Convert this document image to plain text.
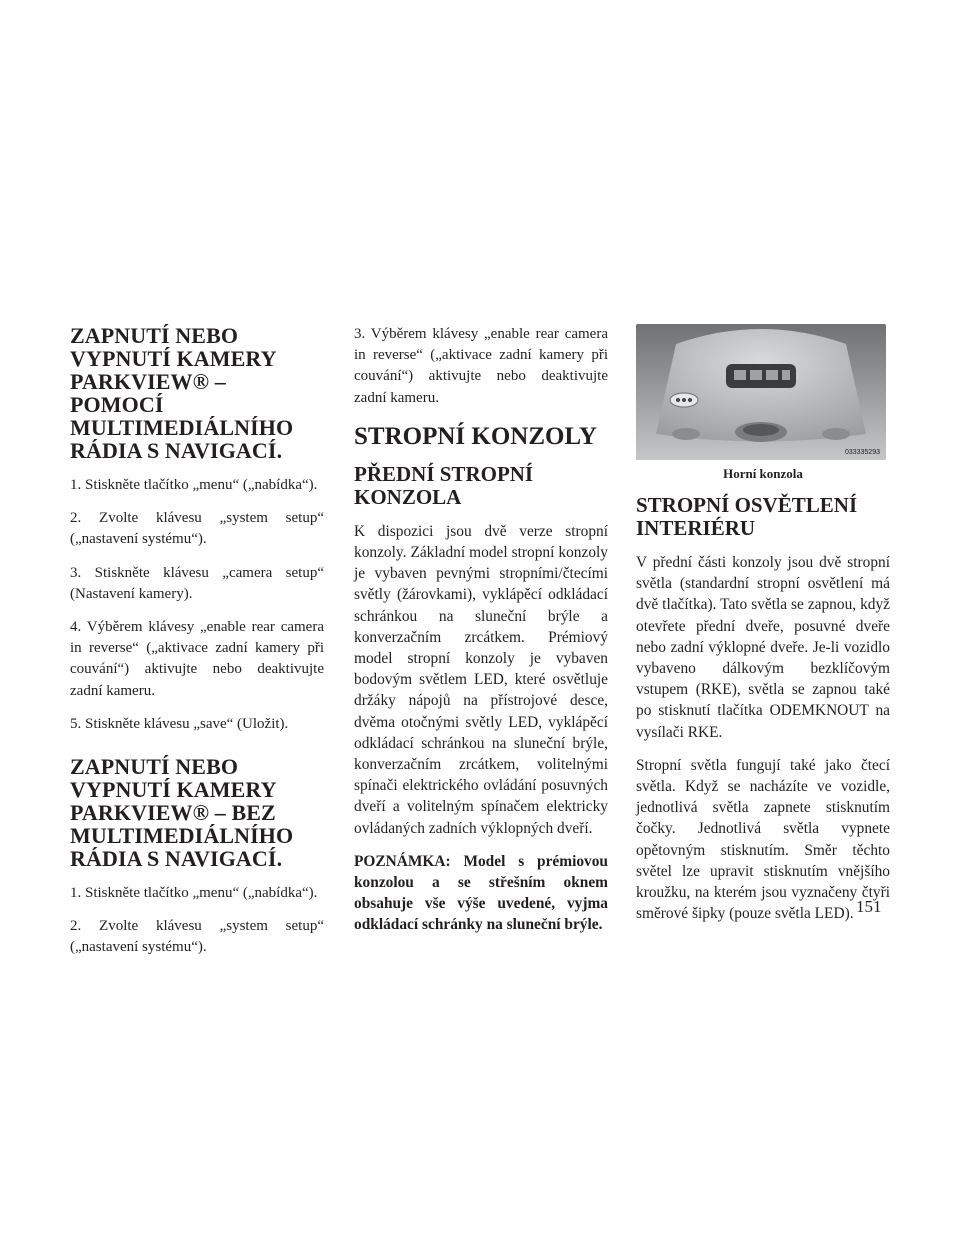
ZAPNUTÍ NEBO VYPNUTÍ KAMERY PARKVIEW® – POMOCÍ MULTIMEDIÁLNÍHO RÁDIA S NAVIGACÍ.

1. Stiskněte tlačítko „menu“ („nabídka“).

2. Zvolte klávesu „system setup“ („nastavení systému“).

3. Stiskněte klávesu „camera setup“ (Nastavení kamery).

4. Výběrem klávesy „enable rear camera in reverse“ („aktivace zadní kamery při couvání“) aktivujte nebo deaktivujte zadní kameru.

5. Stiskněte klávesu „save“ (Uložit).

ZAPNUTÍ NEBO VYPNUTÍ KAMERY PARKVIEW® – BEZ MULTIMEDIÁLNÍHO RÁDIA S NAVIGACÍ.

1. Stiskněte tlačítko „menu“ („nabídka“).

2. Zvolte klávesu „system setup“ („nastavení systému“).

3. Výběrem klávesy „enable rear camera in reverse“ („aktivace zadní kamery při couvání“) aktivujte nebo deaktivujte zadní kameru.

STROPNÍ KONZOLY
PŘEDNÍ STROPNÍ KONZOLA

K dispozici jsou dvě verze stropní konzoly. Základní model stropní konzoly je vybaven pevnými stropními/čtecími světly (žárovkami), vyklápěcí odkládací schránkou na sluneční brýle a konverzačním zrcátkem. Prémiový model stropní konzoly je vybaven bodovým světlem LED, které osvětluje držáky nápojů na přístrojové desce, dvěma otočnými světly LED, vyklápěcí odkládací schránkou na sluneční brýle, konverzačním zrcátkem, volitelnými spínači elektrického ovládání posuvných dveří a volitelným spínačem elektricky ovládaných zadních výklopných dveří.

POZNÁMKA: Model s prémiovou konzolou a se střešním oknem obsahuje vše výše uvedené, vyjma odkládací schránky na sluneční brýle.

033335293
Horní konzola
STROPNÍ OSVĚTLENÍ INTERIÉRU

V přední části konzoly jsou dvě stropní světla (standardní stropní osvětlení má dvě tlačítka). Tato světla se zapnou, když otevřete přední dveře, posuvné dveře nebo zadní výklopné dveře. Je-li vozidlo vybaveno dálkovým bezklíčovým vstupem (RKE), světla se zapnou také po stisknutí tlačítka ODEMKNOUT na vysílači RKE.

Stropní světla fungují také jako čtecí světla. Když se nacházíte ve vozidle, jednotlivá světla zapnete stisknutím čočky. Jednotlivá světla vypnete opětovným stisknutím. Směr těchto světel lze upravit stisknutím vnějšího kroužku, na kterém jsou vyznačeny čtyři směrové šipky (pouze světla LED). 151
